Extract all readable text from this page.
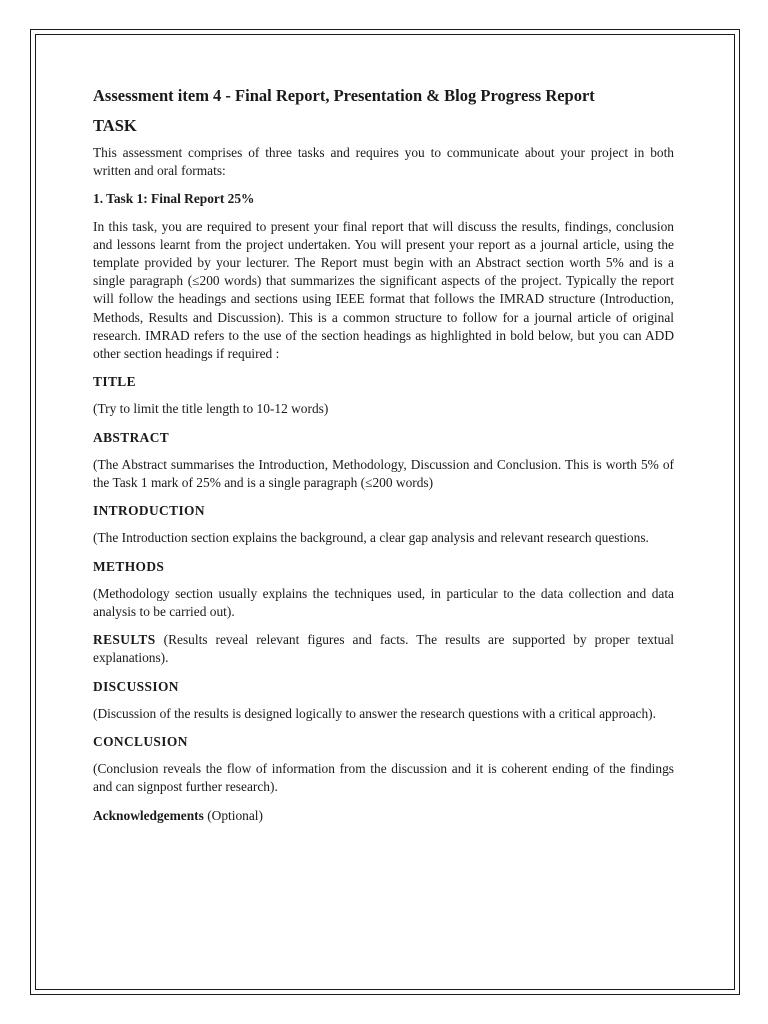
Assessment item 4 - Final Report, Presentation & Blog Progress Report
TASK

This assessment comprises of three tasks and requires you to communicate about your project in both written and oral formats:

1. Task 1: Final Report 25%

In this task, you are required to present your final report that will discuss the results, findings, conclusion and lessons learnt from the project undertaken. You will present your report as a journal article, using the template provided by your lecturer. The Report must begin with an Abstract section worth 5% and is a single paragraph (≤200 words) that summarizes the significant aspects of the project. Typically the report will follow the headings and sections using IEEE format that follows the IMRAD structure (Introduction, Methods, Results and Discussion). This is a common structure to follow for a journal article of original research. IMRAD refers to the use of the section headings as highlighted in bold below, but you can ADD other section headings if required :

TITLE

(Try to limit the title length to 10-12 words)

ABSTRACT

(The Abstract summarises the Introduction, Methodology, Discussion and Conclusion. This is worth 5% of the Task 1 mark of 25% and is a single paragraph (≤200 words)

INTRODUCTION

(The Introduction section explains the background, a clear gap analysis and relevant research questions.

METHODS

(Methodology section usually explains the techniques used, in particular to the data collection and data analysis to be carried out).

RESULTS (Results reveal relevant figures and facts. The results are supported by proper textual explanations).

DISCUSSION

(Discussion of the results is designed logically to answer the research questions with a critical approach).

CONCLUSION

(Conclusion reveals the flow of information from the discussion and it is coherent ending of the findings and can signpost further research).

Acknowledgements (Optional)
